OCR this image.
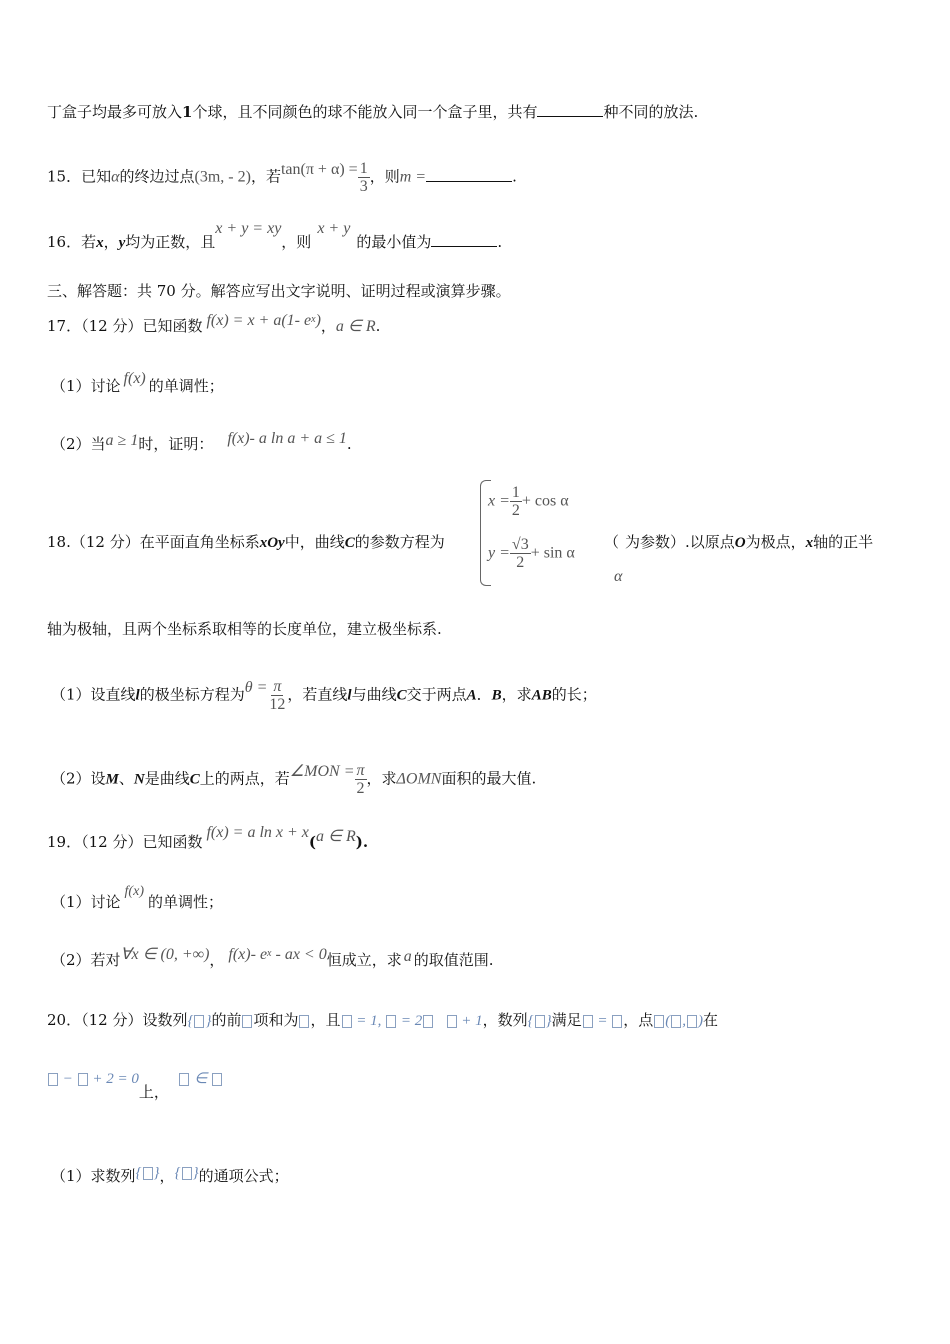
丁盒子均最多可放入1个球，且不同颜色的球不能放入同一个盒子里，共有	种不同的放法.
15．已知α的终边过点(3m, - 2)，若$\tan(\pi + \alpha) = \frac{1}{3}$ ，则m =	.
16．若x，y均为正数，且x + y = xy，则x + y的最小值为	.
三、解答题：共 70 分。解答应写出文字说明、证明过程或演算步骤。
17．（12 分）已知函数 f(x) = x + a(1- $e^x$)，a ∈ R.
（1）讨论 f(x) 的单调性；
（2）当a ≥ 1时，证明： f(x)- a ln a + a ≤ 1.
18.（12 分）在平面直角坐标系xOy中，曲线C的参数方程为
$x = \frac{1}{2} + \cos \alpha$
$y = \frac{√3}{2} + \sin \alpha$
（ 为参数）.以原点O为极点，x轴的正半
α
轴为极轴，且两个坐标系取相等的长度单位，建立极坐标系.
（1）设直线l的极坐标方程为$\theta = \frac{\pi}{12}$ ，若直线l与曲线C交于两点A．B，求AB的长；
（2）设M、N是曲线C上的两点，若∠MON = $\frac{\pi}{2}$ ，求ΔOMN面积的最大值.
19．（12 分）已知函数f(x) = a ln x + x(a ∈ R).
（1）讨论f(x)的单调性；
（2）若对∀x ∈ (0, +∞)， f(x)- $e^x$ - ax < 0恒成立，求 a 的取值范围.
20．（12 分）设数列{ }的前 项和为 ，且 = 1,  = 2    + 1，数列{ }满足 = ，点 ( , )在
−  + 2 = 0上，   ∈
（1）求数列{ }，{ }的通项公式；
